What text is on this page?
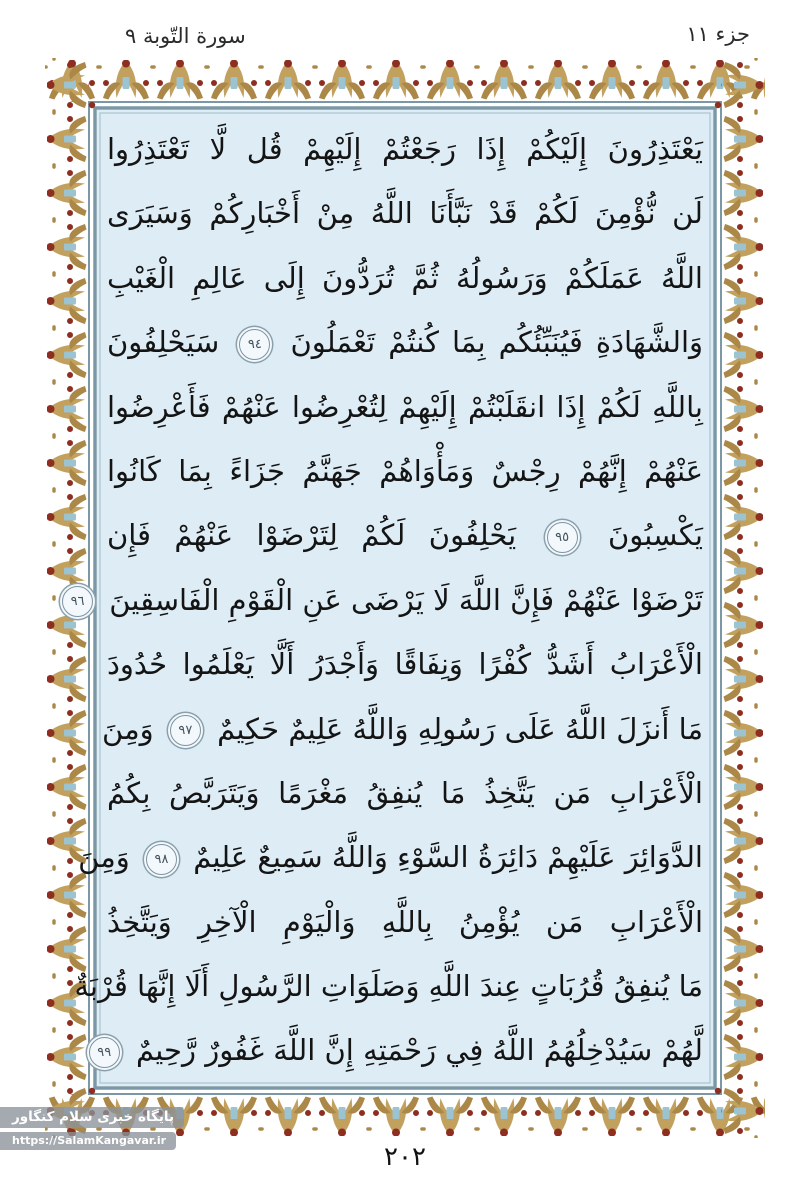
سورة التّوبة ٩	جزء ١١
يَعْتَذِرُونَ إِلَيْكُمْ إِذَا رَجَعْتُمْ إِلَيْهِمْ قُل لَّا تَعْتَذِرُوا
لَن نُّؤْمِنَ لَكُمْ قَدْ نَبَّأَنَا اللَّهُ مِنْ أَخْبَارِكُمْ وَسَيَرَى
اللَّهُ عَمَلَكُمْ وَرَسُولُهُ ثُمَّ تُرَدُّونَ إِلَى عَالِمِ الْغَيْبِ
وَالشَّهَادَةِ فَيُنَبِّئُكُم بِمَا كُنتُمْ تَعْمَلُونَ ٩٤ سَيَحْلِفُونَ
بِاللَّهِ لَكُمْ إِذَا انقَلَبْتُمْ إِلَيْهِمْ لِتُعْرِضُوا عَنْهُمْ فَأَعْرِضُوا
عَنْهُمْ إِنَّهُمْ رِجْسٌ وَمَأْوَاهُمْ جَهَنَّمُ جَزَاءً بِمَا كَانُوا
يَكْسِبُونَ ٩٥ يَحْلِفُونَ لَكُمْ لِتَرْضَوْا عَنْهُمْ فَإِن
تَرْضَوْا عَنْهُمْ فَإِنَّ اللَّهَ لَا يَرْضَى عَنِ الْقَوْمِ الْفَاسِقِينَ ٩٦
الْأَعْرَابُ أَشَدُّ كُفْرًا وَنِفَاقًا وَأَجْدَرُ أَلَّا يَعْلَمُوا حُدُودَ
مَا أَنزَلَ اللَّهُ عَلَى رَسُولِهِ وَاللَّهُ عَلِيمٌ حَكِيمٌ ٩٧ وَمِنَ
الْأَعْرَابِ مَن يَتَّخِذُ مَا يُنفِقُ مَغْرَمًا وَيَتَرَبَّصُ بِكُمُ
الدَّوَائِرَ عَلَيْهِمْ دَائِرَةُ السَّوْءِ وَاللَّهُ سَمِيعٌ عَلِيمٌ ٩٨ وَمِنَ
الْأَعْرَابِ مَن يُؤْمِنُ بِاللَّهِ وَالْيَوْمِ الْآخِرِ وَيَتَّخِذُ
مَا يُنفِقُ قُرُبَاتٍ عِندَ اللَّهِ وَصَلَوَاتِ الرَّسُولِ أَلَا إِنَّهَا قُرْبَةٌ
لَّهُمْ سَيُدْخِلُهُمُ اللَّهُ فِي رَحْمَتِهِ إِنَّ اللَّهَ غَفُورٌ رَّحِيمٌ ٩٩
٢٠٢
پایگاه خبری سلام کنگاور
https://SalamKangavar.ir
